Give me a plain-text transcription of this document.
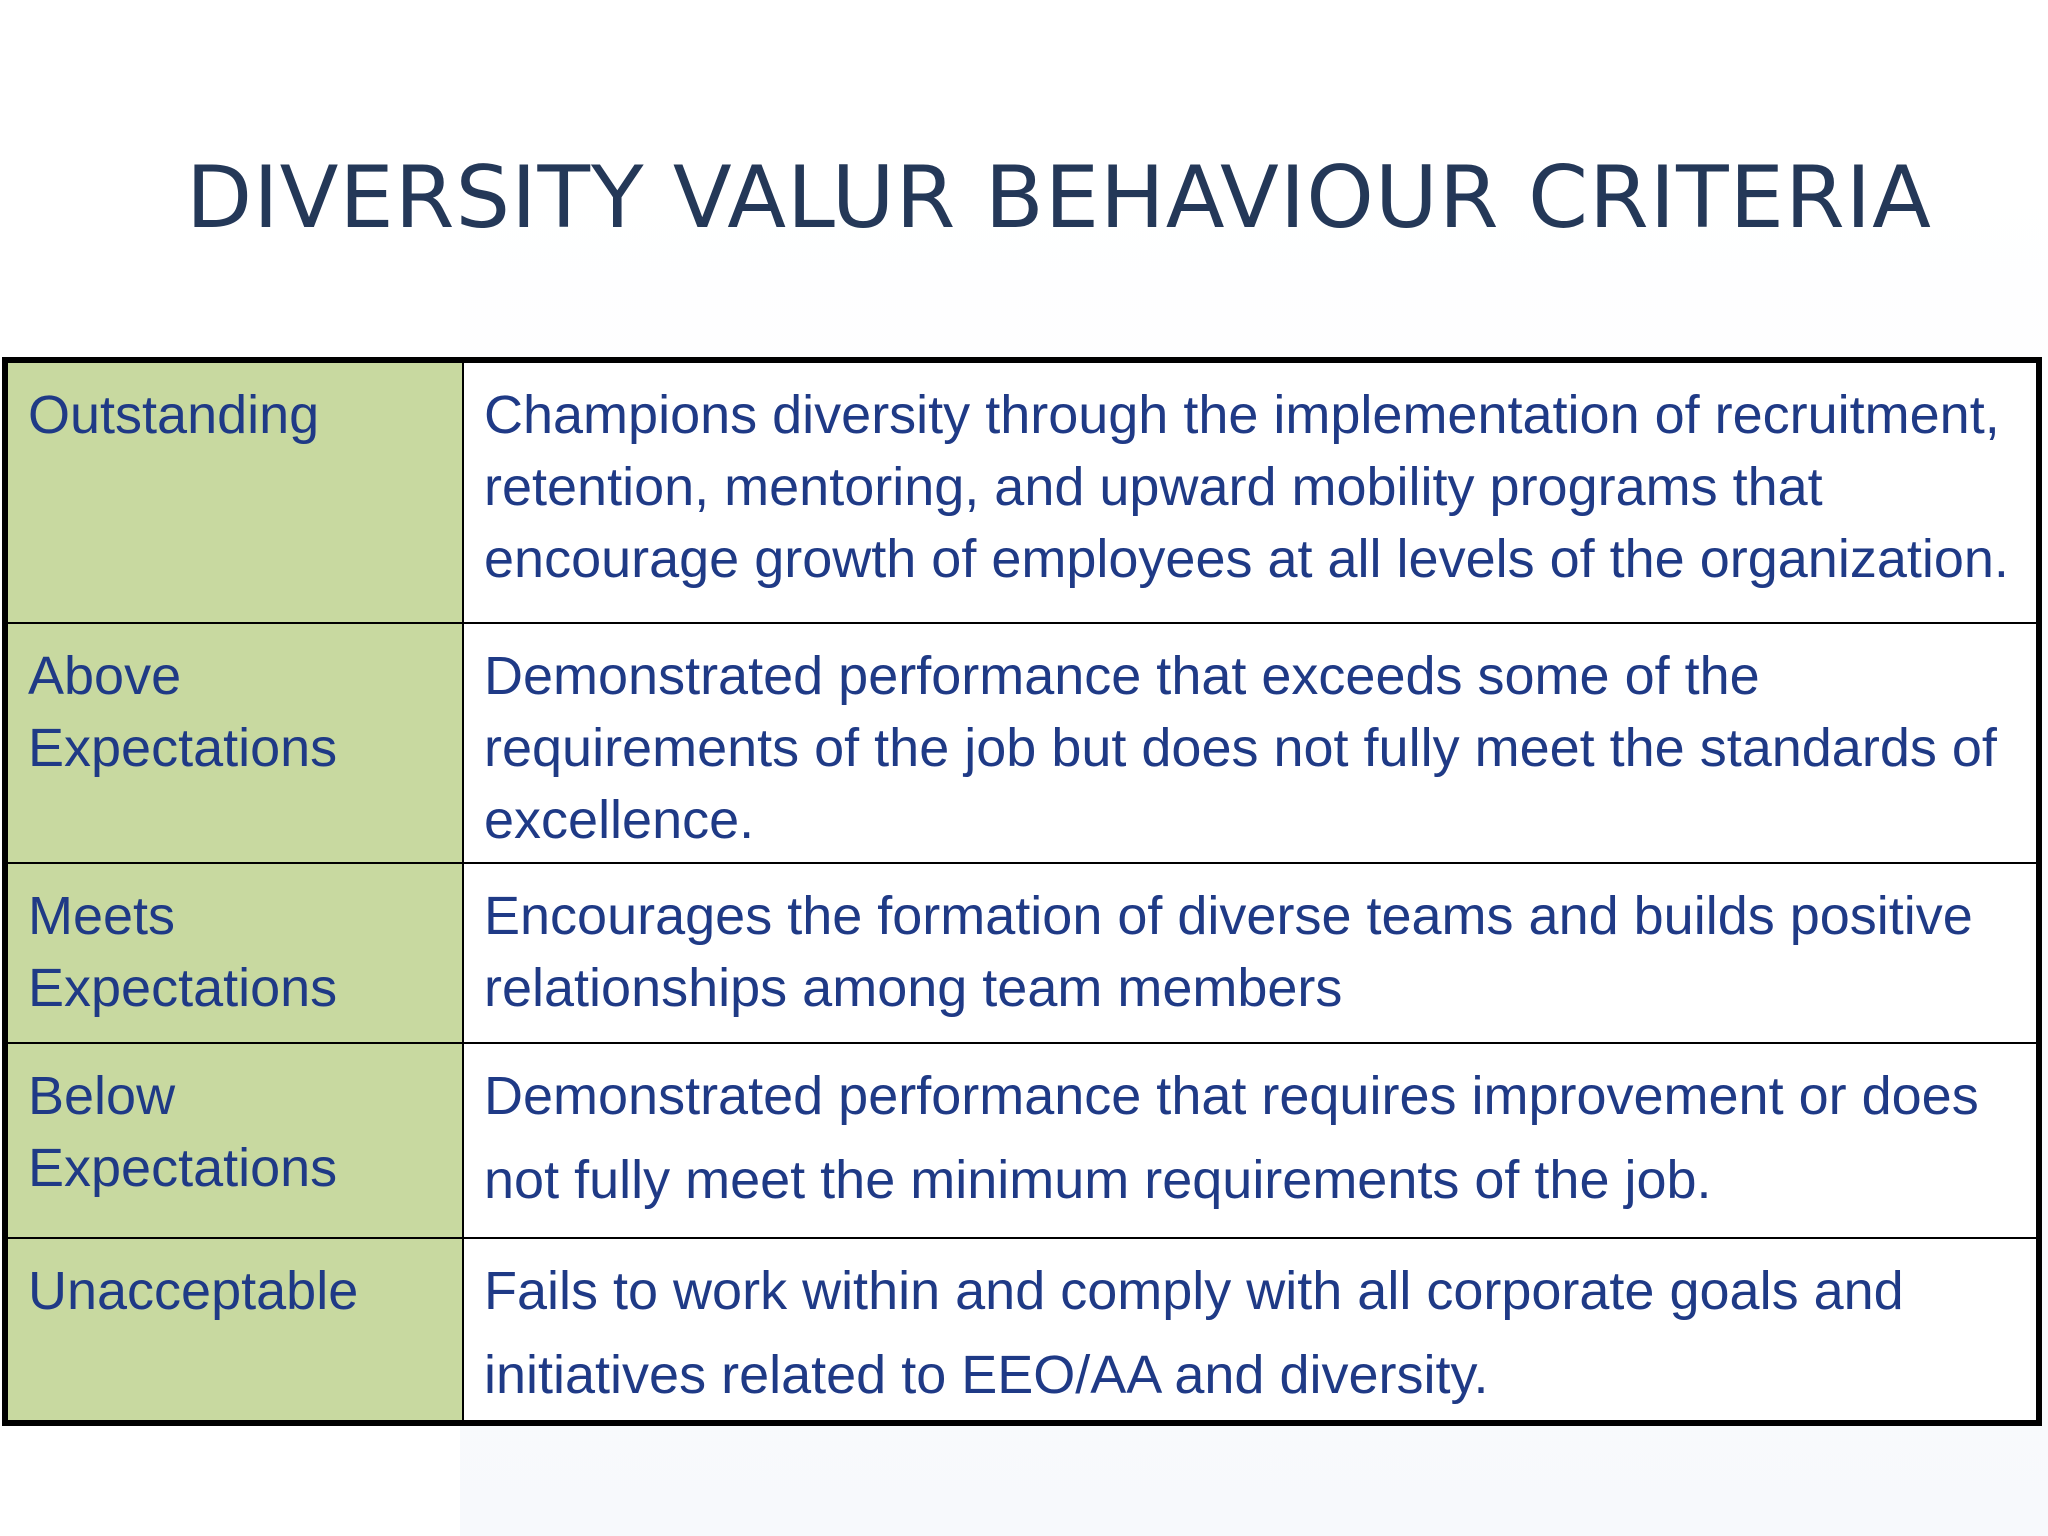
DIVERSITY VALUR BEHAVIOUR CRITERIA
Outstanding	Champions diversity through the implementation of recruitment, retention, mentoring, and upward mobility programs that encourage growth of employees at all levels of the organization.
Above Expectations	Demonstrated performance that exceeds some of the requirements of the job but does not fully meet the standards of excellence.
Meets Expectations	Encourages the formation of diverse teams and builds positive relationships among team members
Below Expectations	Demonstrated performance that requires improvement or does not fully meet the minimum requirements of the job.
Unacceptable	Fails to work within and comply with all corporate goals and initiatives related to EEO/AA and diversity.
